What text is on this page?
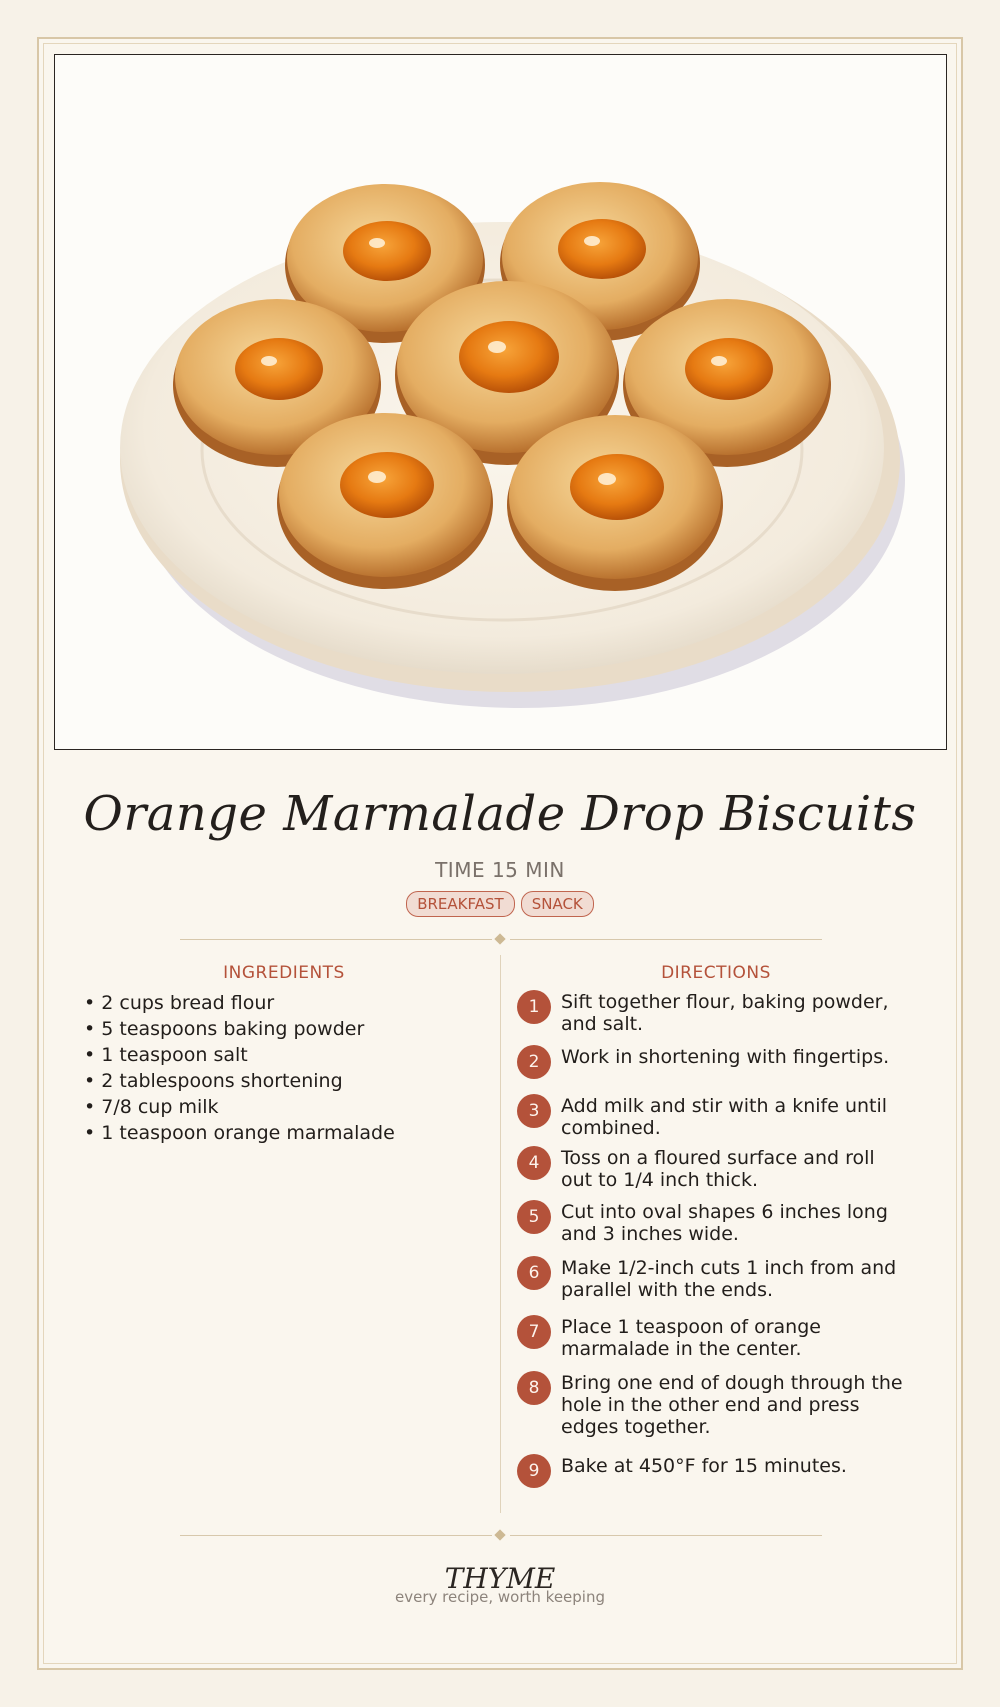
Orange Marmalade Drop Biscuits
TIME 15 MIN
BREAKFAST SNACK
INGREDIENTS
• 2 cups bread flour
• 5 teaspoons baking powder
• 1 teaspoon salt
• 2 tablespoons shortening
• 7/8 cup milk
• 1 teaspoon orange marmalade
DIRECTIONS
1	Sift together flour, baking powder, and salt.
2	Work in shortening with fingertips.
3	Add milk and stir with a knife until combined.
4	Toss on a floured surface and roll out to 1/4 inch thick.
5	Cut into oval shapes 6 inches long and 3 inches wide.
6	Make 1/2-inch cuts 1 inch from and parallel with the ends.
7	Place 1 teaspoon of orange marmalade in the center.
8	Bring one end of dough through the hole in the other end and press edges together.
9	Bake at 450°F for 15 minutes.
THYME
every recipe, worth keeping
